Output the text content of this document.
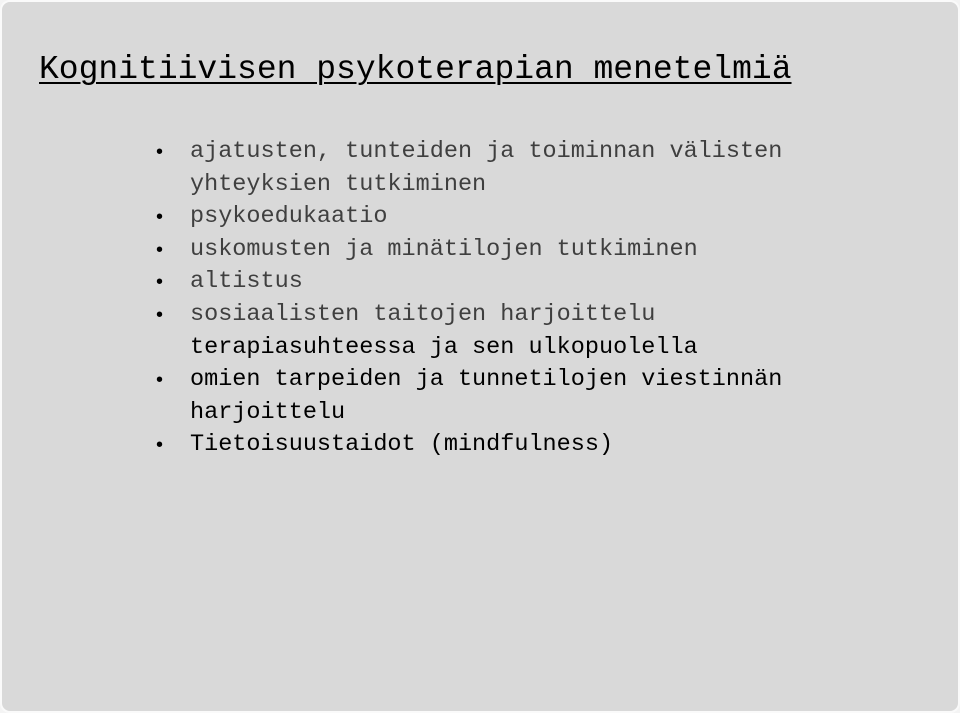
Kognitiivisen psykoterapian menetelmiä
• ajatusten, tunteiden ja toiminnan välisten
yhteyksien tutkiminen
• psykoedukaatio
• uskomusten ja minätilojen tutkiminen
• altistus
• sosiaalisten taitojen harjoittelu
terapiasuhteessa ja sen ulkopuolella
• omien tarpeiden ja tunnetilojen viestinnän
harjoittelu
• Tietoisuustaidot (mindfulness)
